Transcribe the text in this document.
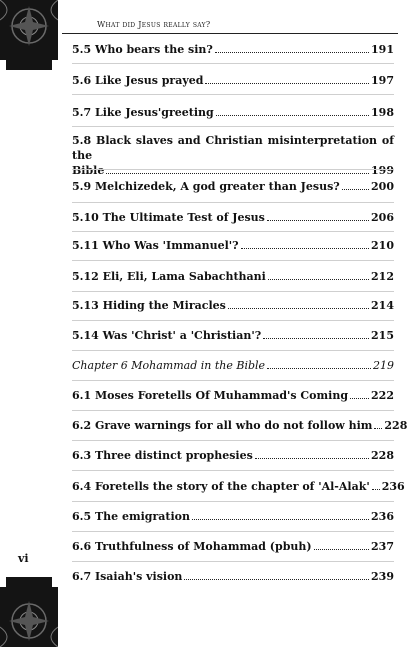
What did Jesus really say?
vi
5.5 Who bears the sin?	191
5.6 Like Jesus prayed	197
5.7 Like Jesus'greeting	198
5.8 Black slaves and Christian misinterpretation of the
Bible	199
5.9 Melchizedek, A god greater than Jesus?	200
5.10 The Ultimate Test of Jesus	206
5.11 Who Was 'Immanuel'?	210
5.12 Eli, Eli, Lama Sabachthani	212
5.13 Hiding the Miracles	214
5.14 Was 'Christ' a 'Christian'?	215
Chapter 6 Mohammad in the Bible	219
6.1 Moses Foretells Of Muhammad's Coming 222
6.2 Grave warnings for all who do not follow him 228
6.3 Three distinct prophesies	228
6.4 Foretells the story of the chapter of 'Al-Alak' 236
6.5 The emigration	236
6.6 Truthfulness of Mohammad (pbuh)	237
6.7 Isaiah's vision	239
